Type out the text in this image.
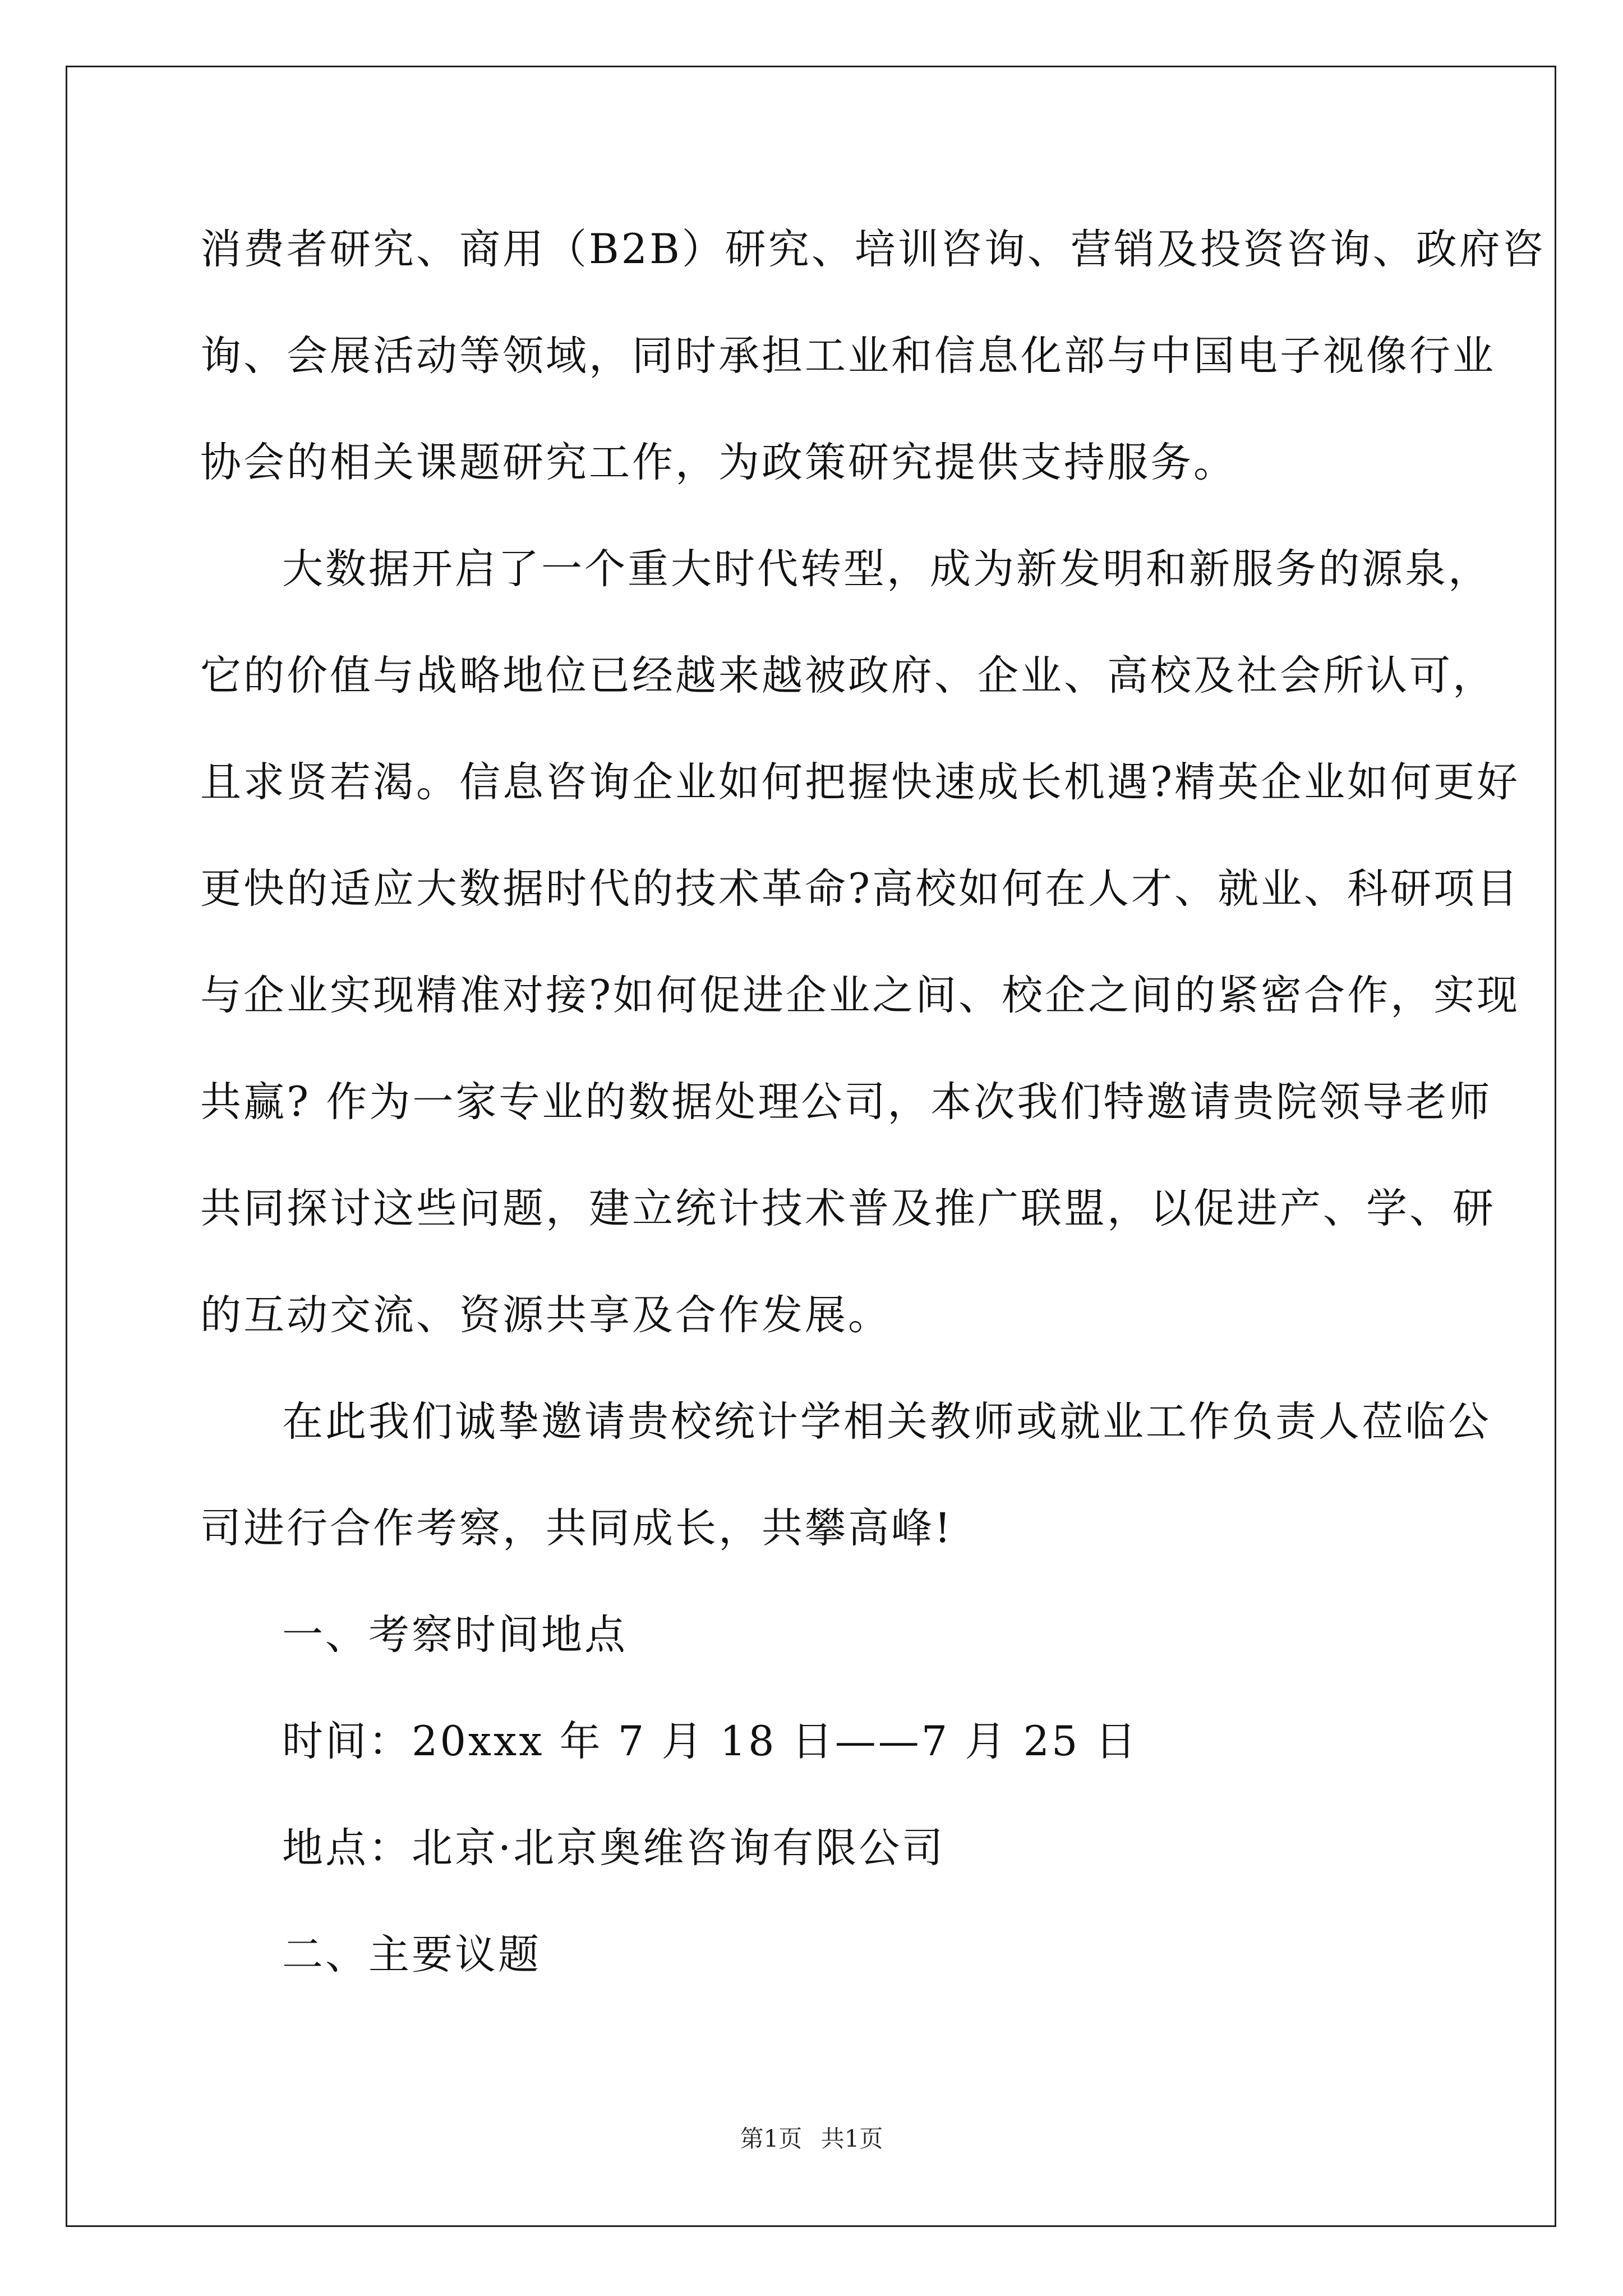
消费者研究、商用（B2B）研究、培训咨询、营销及投资咨询、政府咨
询、会展活动等领域，同时承担工业和信息化部与中国电子视像行业
协会的相关课题研究工作，为政策研究提供支持服务。
大数据开启了一个重大时代转型，成为新发明和新服务的源泉，
它的价值与战略地位已经越来越被政府、企业、高校及社会所认可，
且求贤若渴。信息咨询企业如何把握快速成长机遇?精英企业如何更好
更快的适应大数据时代的技术革命?高校如何在人才、就业、科研项目
与企业实现精准对接?如何促进企业之间、校企之间的紧密合作，实现
共赢? 作为一家专业的数据处理公司，本次我们特邀请贵院领导老师
共同探讨这些问题，建立统计技术普及推广联盟，以促进产、学、研
的互动交流、资源共享及合作发展。
在此我们诚挚邀请贵校统计学相关教师或就业工作负责人莅临公
司进行合作考察，共同成长，共攀高峰!
一、考察时间地点
时间：20xxx 年 7 月 18 日——7 月 25 日
地点：北京·北京奥维咨询有限公司
二、主要议题
第1页 共1页
